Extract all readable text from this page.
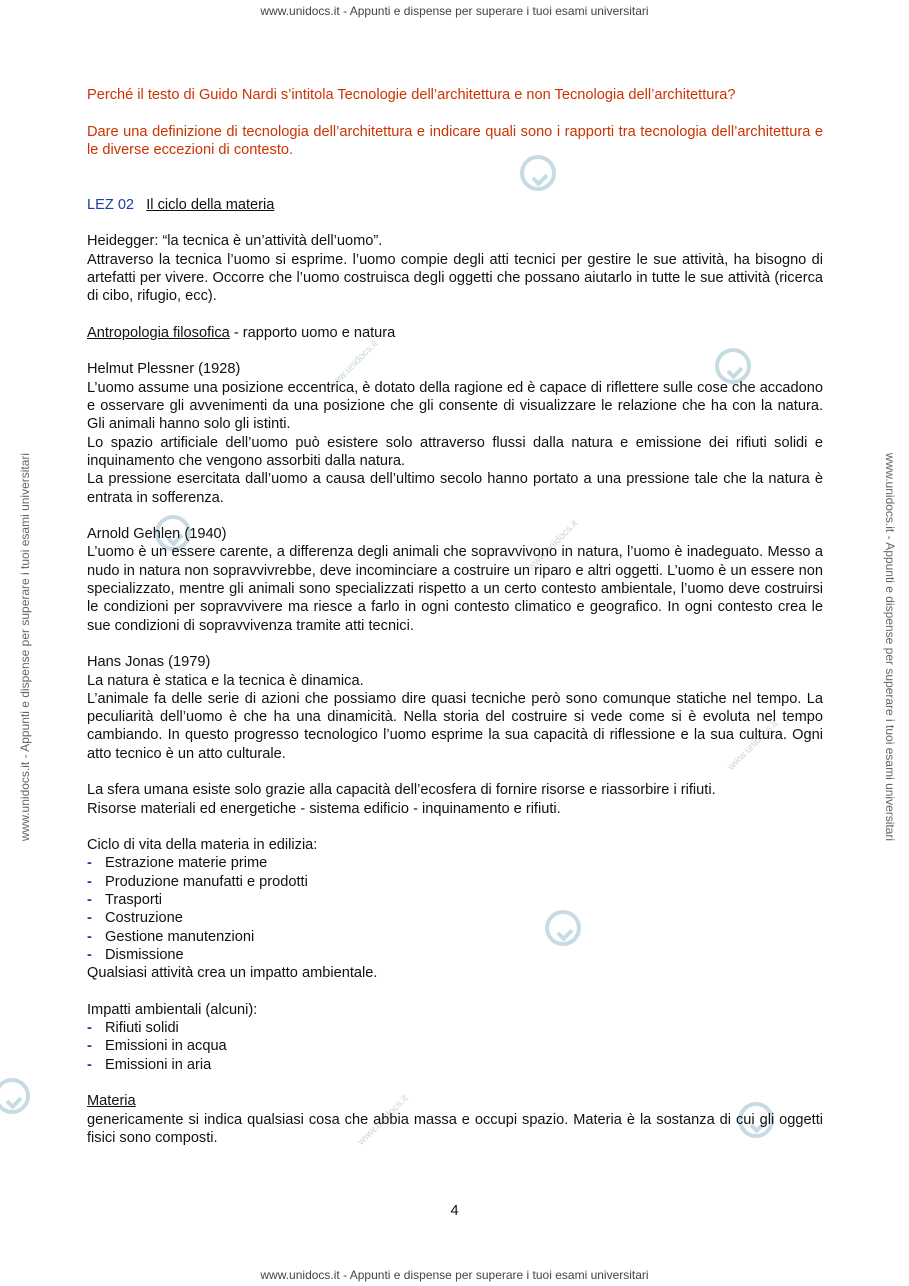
www.unidocs.it - Appunti e dispense per superare i tuoi esami universitari
www.unidocs.it - Appunti e dispense per superare i tuoi esami universitari
www.unidocs.it - Appunti e dispense per superare i tuoi esami universitari	www.unidocs.it - Appunti e dispense per superare i tuoi esami universitari
www.unidocs.it
www.unidocs.it
www.unidocs.it
www.unidocs.it

Perché il testo di Guido Nardi s’intitola Tecnologie dell’architettura e non Tecnologia dell’architettura?

Dare una definizione di tecnologia dell’architettura e indicare quali sono i rapporti tra tecnologia dell’architettura e le diverse eccezioni di contesto.

LEZ 02 Il ciclo della materia

Heidegger: “la tecnica è un’attività dell’uomo”.

Attraverso la tecnica l’uomo si esprime. l’uomo compie degli atti tecnici per gestire le sue attività, ha bisogno di artefatti per vivere. Occorre che l’uomo costruisca degli oggetti che possano aiutarlo in tutte le sue attività (ricerca di cibo, rifugio, ecc).

Antropologia filosofica - rapporto uomo e natura

Helmut Plessner (1928)

L’uomo assume una posizione eccentrica, è dotato della ragione ed è capace di riflettere sulle cose che accadono e osservare gli avvenimenti da una posizione che gli consente di visualizzare le relazione che ha con la natura. Gli animali hanno solo gli istinti.

Lo spazio artificiale dell’uomo può esistere solo attraverso flussi dalla natura e emissione dei rifiuti solidi e inquinamento che vengono assorbiti dalla natura.

La pressione esercitata dall’uomo a causa dell’ultimo secolo hanno portato a una pressione tale che la natura è entrata in sofferenza.

Arnold Gehlen (1940)

L’uomo è un essere carente, a differenza degli animali che sopravvivono in natura, l’uomo è inadeguato. Messo a nudo in natura non sopravvivrebbe, deve incominciare a costruire un riparo e altri oggetti. L’uomo è un essere non specializzato, mentre gli animali sono specializzati rispetto a un certo contesto ambientale, l’uomo deve costruirsi le condizioni per sopravvivere ma riesce a farlo in ogni contesto climatico e geografico. In ogni contesto crea le sue condizioni di sopravvivenza tramite atti tecnici.

Hans Jonas (1979)

La natura è statica e la tecnica è dinamica.

L’animale fa delle serie di azioni che possiamo dire quasi tecniche però sono comunque statiche nel tempo. La peculiarità dell’uomo è che ha una dinamicità. Nella storia del costruire si vede come si è evoluta nel tempo cambiando. In questo progresso tecnologico l’uomo esprime la sua capacità di riflessione e la sua cultura. Ogni atto tecnico è un atto culturale.

La sfera umana esiste solo grazie alla capacità dell’ecosfera di fornire risorse e riassorbire i rifiuti.

Risorse materiali ed energetiche - sistema edificio - inquinamento e rifiuti.

Ciclo di vita della materia in edilizia:

- Estrazione materie prime
- Produzione manufatti e prodotti
- Trasporti
- Costruzione
- Gestione manutenzioni
- Dismissione

Qualsiasi attività crea un impatto ambientale.

Impatti ambientali (alcuni):

- Rifiuti solidi
- Emissioni in acqua
- Emissioni in aria

Materia

genericamente si indica qualsiasi cosa che abbia massa e occupi spazio. Materia è la sostanza di cui gli oggetti fisici sono composti.

4
